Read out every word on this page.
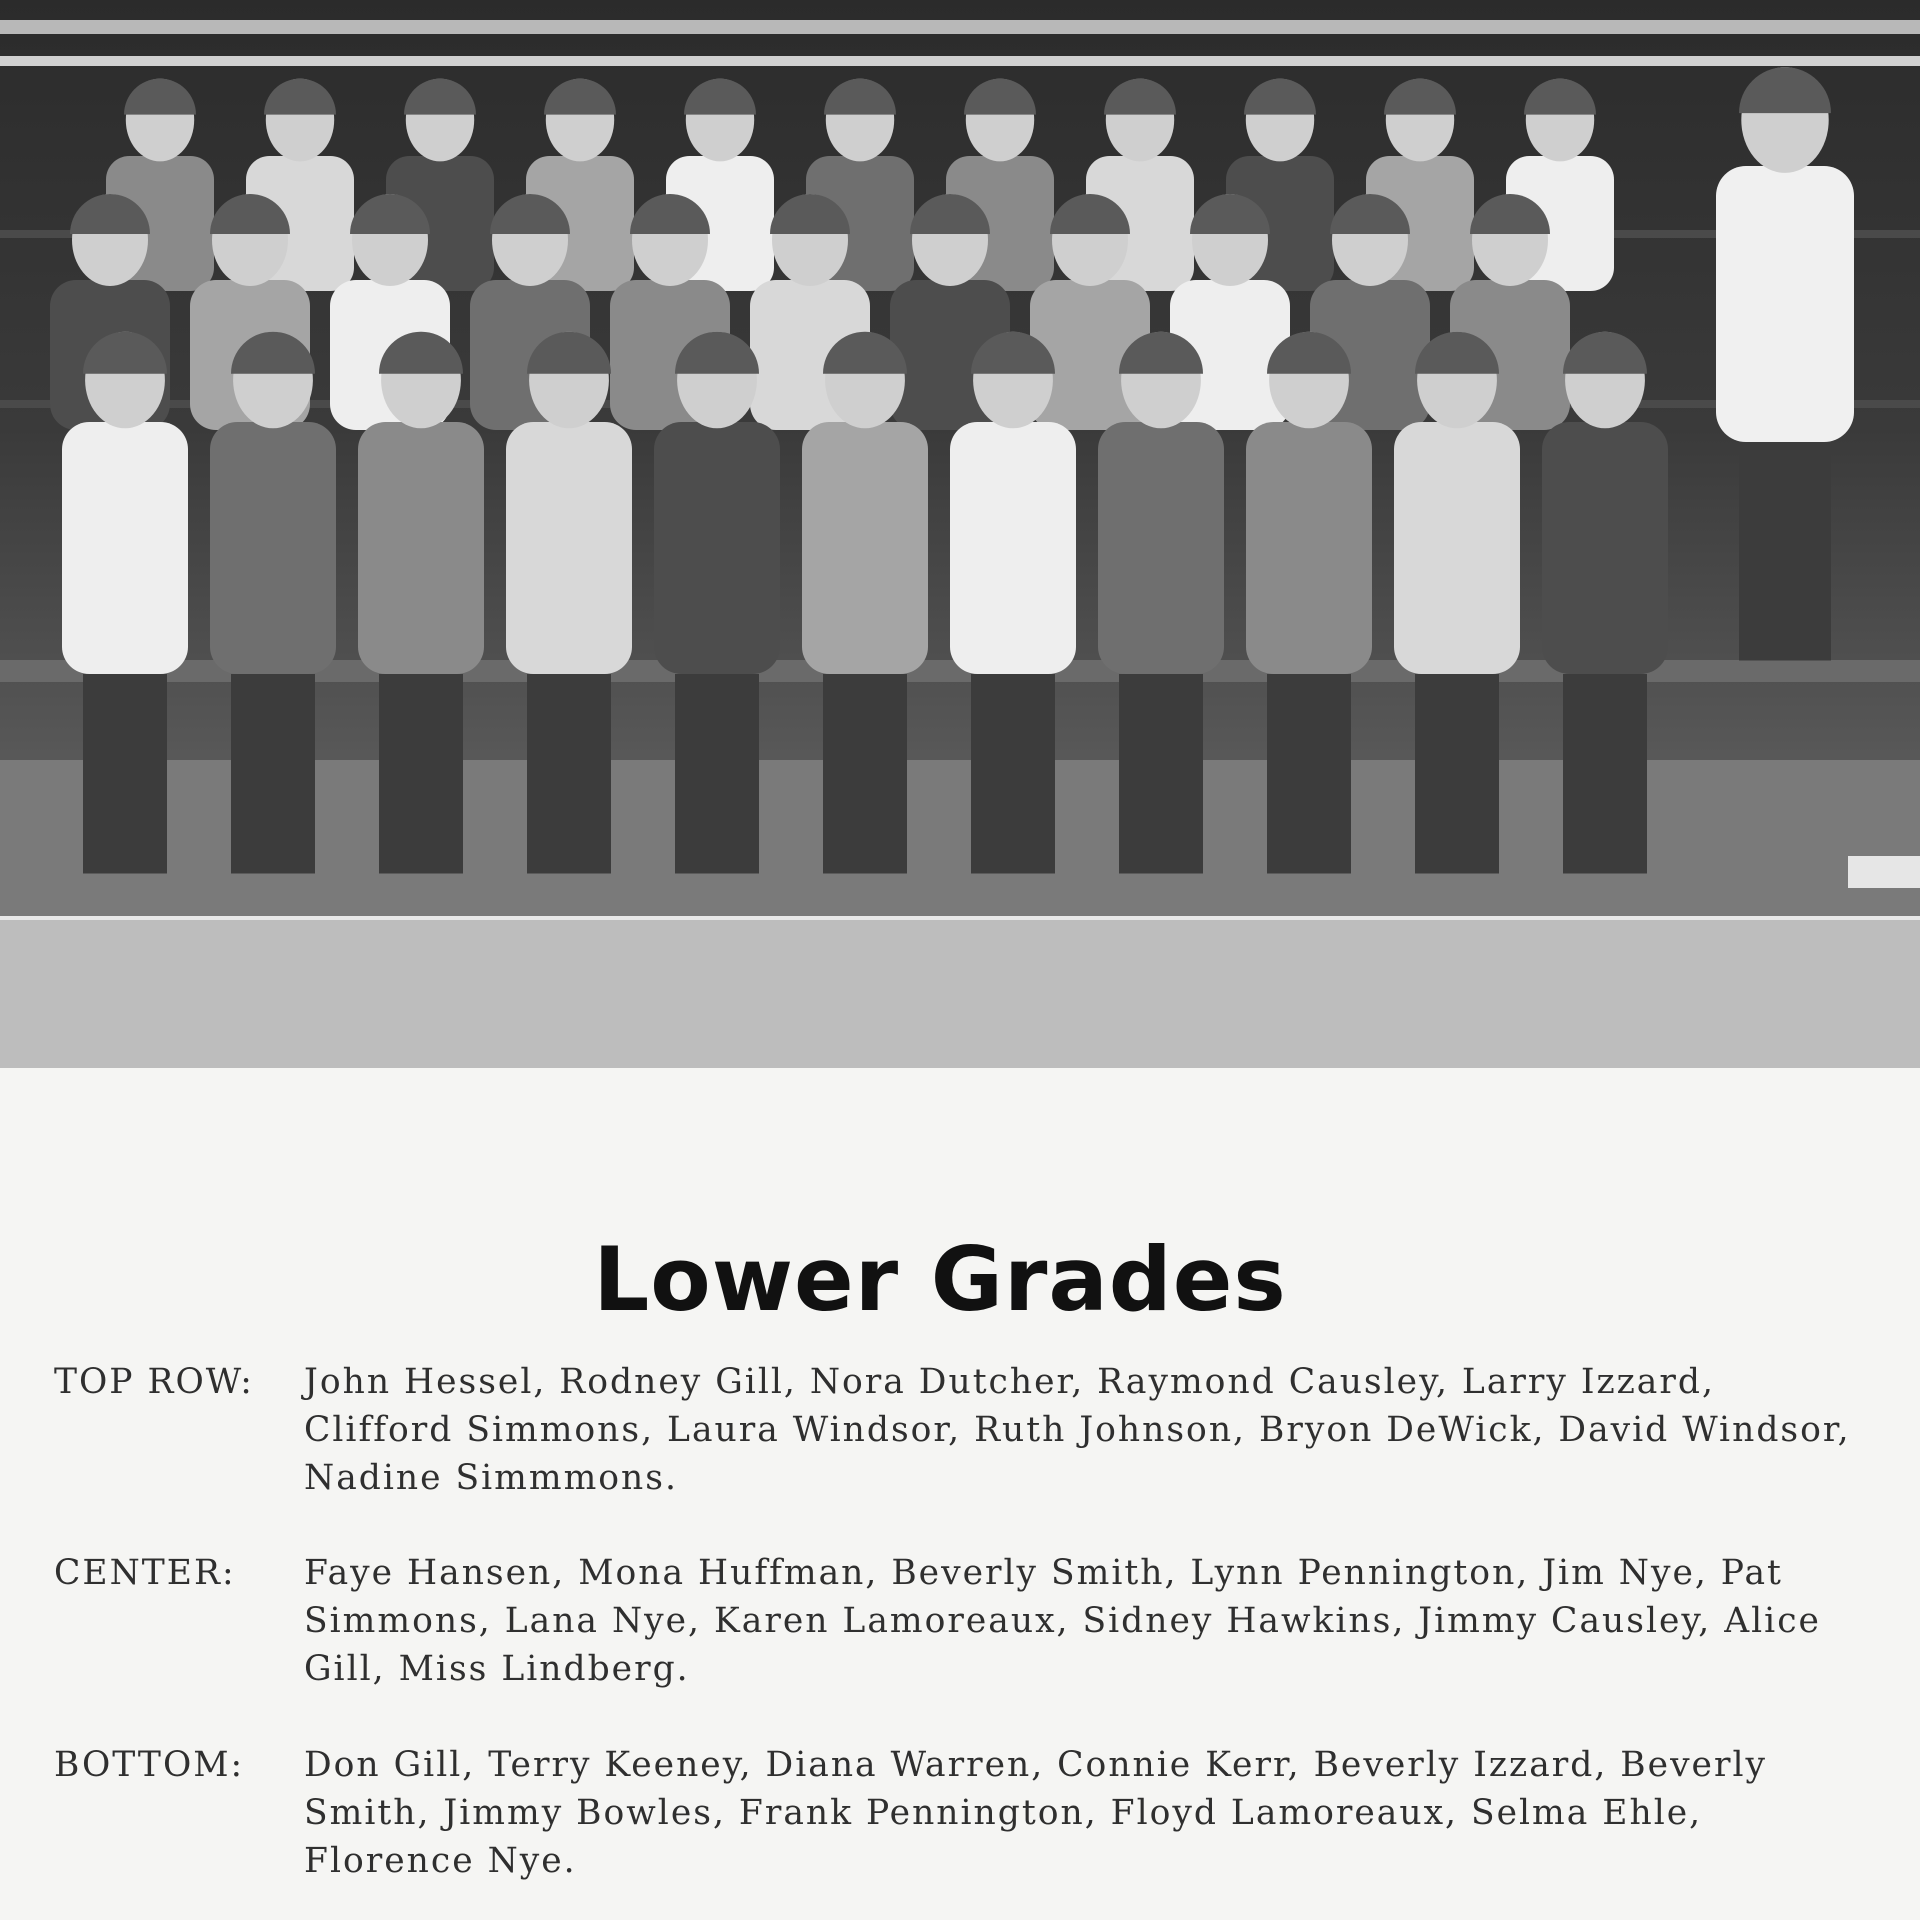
Lower Grades
TOP ROW:	John Hessel, Rodney Gill, Nora Dutcher, Raymond Causley, Larry Izzard, Clifford Simmons, Laura Windsor, Ruth Johnson, Bryon DeWick, David Windsor, Nadine Simmmons.
CENTER:	Faye Hansen, Mona Huffman, Beverly Smith, Lynn Pennington, Jim Nye, Pat Simmons, Lana Nye, Karen Lamoreaux, Sidney Hawkins, Jimmy Causley, Alice Gill, Miss Lindberg.
BOTTOM:	Don Gill, Terry Keeney, Diana Warren, Connie Kerr, Beverly Izzard, Beverly Smith, Jimmy Bowles, Frank Pennington, Floyd Lamoreaux, Selma Ehle, Florence Nye.
